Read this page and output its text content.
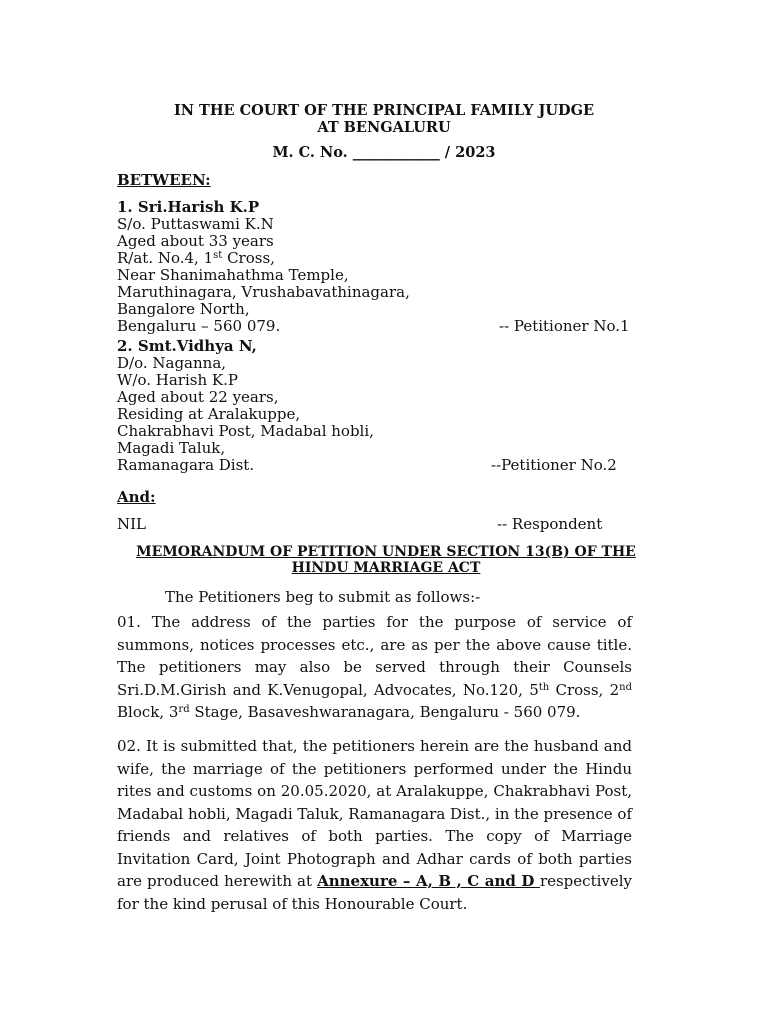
IN THE COURT OF THE PRINCIPAL FAMILY JUDGE
AT BENGALURU
M. C. No. ____________ / 2023
BETWEEN:
1. Sri.Harish K.P
S/o. Puttaswami K.N
Aged about 33 years
R/at. No.4, 1st Cross,
Near Shanimahathma Temple,
Maruthinagara, Vrushabavathinagara,
Bangalore North,
Bengaluru – 560 079.	-- Petitioner No.1
2. Smt.Vidhya N,
D/o. Naganna,
W/o. Harish K.P
Aged about 22 years,
Residing at Aralakuppe,
Chakrabhavi Post, Madabal hobli,
Magadi Taluk,
Ramanagara Dist.	--Petitioner No.2
And:
NIL	-- Respondent
MEMORANDUM OF PETITION UNDER SECTION 13(B) OF THE
HINDU MARRIAGE ACT
The Petitioners beg to submit as follows:-
01. The address of the parties for the purpose of service of summons, notices processes etc., are as per the above cause title. The petitioners may also be served through their Counsels Sri.D.M.Girish and K.Venugopal, Advocates, No.120, 5th Cross, 2nd Block, 3rd Stage, Basaveshwaranagara, Bengaluru - 560 079.
02. It is submitted that, the petitioners herein are the husband and wife, the marriage of the petitioners performed under the Hindu rites and customs on 20.05.2020, at Aralakuppe, Chakrabhavi Post, Madabal hobli, Magadi Taluk, Ramanagara Dist., in the presence of friends and relatives of both parties. The copy of Marriage Invitation Card, Joint Photograph and Adhar cards of both parties are produced herewith at Annexure – A, B , C and D respectively for the kind perusal of this Honourable Court.
